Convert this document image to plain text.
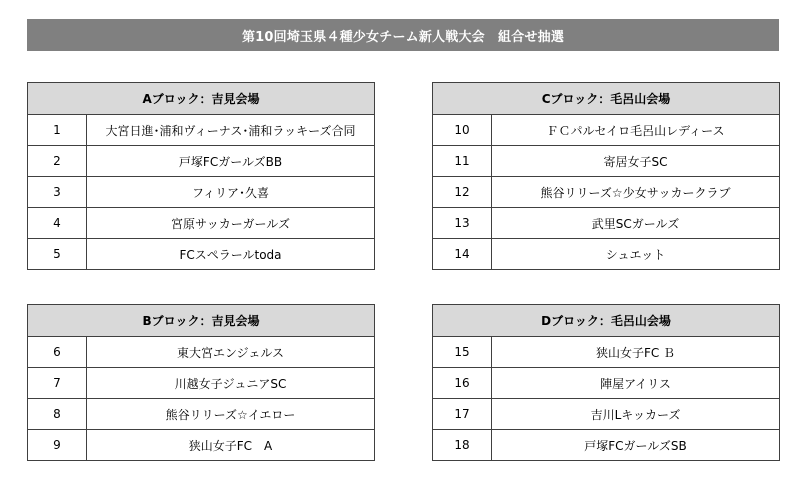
第10回埼玉県４種少女チーム新人戦大会　組合せ抽選
Aブロック：吉見会場	
1	大宮日進･浦和ヴィーナス･浦和ラッキーズ合同
2	戸塚FCガールズBB
3	フィリア･久喜
4	宮原サッカーガールズ
5	FCスペラールtoda
Cブロック：毛呂山会場	
10	ＦＣパルセイロ毛呂山レディース
11	寄居女子SC
12	熊谷リリーズ☆少女サッカークラブ
13	武里SCガールズ
14	シュエット
Bブロック：吉見会場	
6	東大宮エンジェルス
7	川越女子ジュニアSC
8	熊谷リリーズ☆イエロー
9	狭山女子FC　A
Dブロック：毛呂山会場	
15	狭山女子FC Ｂ
16	陣屋アイリス
17	吉川Lキッカーズ
18	戸塚FCガールズSB
